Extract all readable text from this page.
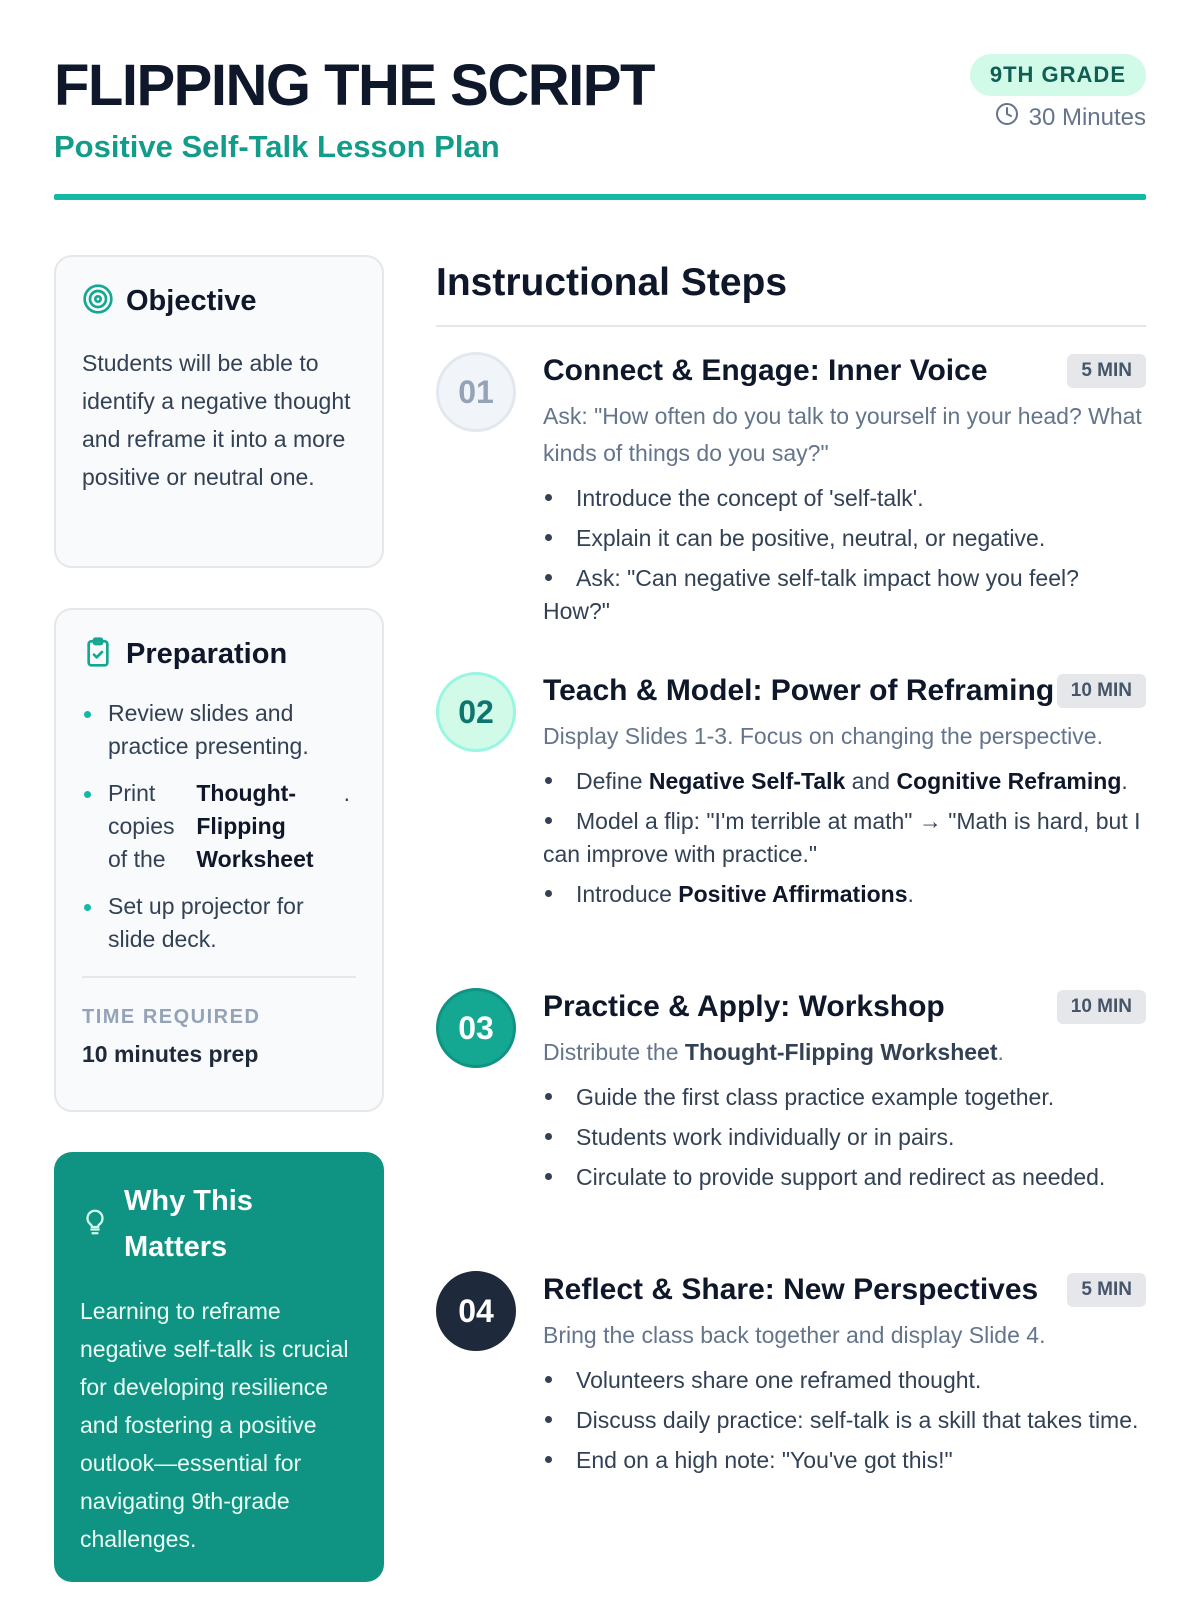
FLIPPING THE SCRIPT
Positive Self-Talk Lesson Plan
9TH GRADE
30 Minutes
Objective
Students will be able to identify a negative thought and reframe it into a more positive or neutral one.
Preparation
Review slides and practice presenting.
Print copies of the
Thought-Flipping Worksheet
.
Set up projector for slide deck.
TIME REQUIRED
10 minutes prep
Why This Matters
Learning to reframe negative self-talk is crucial for developing resilience and fostering a positive outlook—essential for navigating 9th-grade challenges.
Instructional Steps
01
Connect & Engage: Inner Voice	5 MIN
Ask: "How often do you talk to yourself in your head? What kinds of things do you say?"
Introduce the concept of 'self-talk'.
Explain it can be positive, neutral, or negative.
Ask: "Can negative self-talk impact how you feel? How?"
02
Teach & Model: Power of Reframing 10 MIN
Display Slides 1-3. Focus on changing the perspective.
Define Negative Self-Talk and Cognitive Reframing.
Model a flip: "I'm terrible at math" → "Math is hard, but I can improve with practice."
Introduce Positive Affirmations.
03
Practice & Apply: Workshop	10 MIN
Distribute the Thought-Flipping Worksheet.
Guide the first class practice example together.
Students work individually or in pairs.
Circulate to provide support and redirect as needed.
04
Reflect & Share: New Perspectives	5 MIN
Bring the class back together and display Slide 4.
Volunteers share one reframed thought.
Discuss daily practice: self-talk is a skill that takes time.
End on a high note: "You've got this!"
